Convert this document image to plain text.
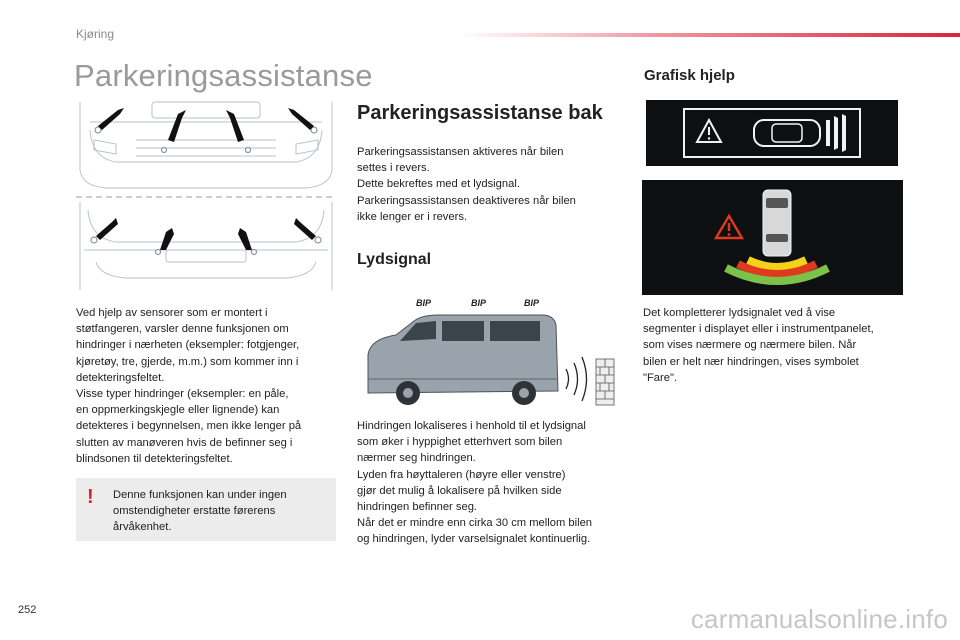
Kjøring
Parkeringsassistanse
Ved hjelp av sensorer som er montert i
støtfangeren, varsler denne funksjonen om
hindringer i nærheten (eksempler: fotgjenger,
kjøretøy, tre, gjerde, m.m.) som kommer inn i
detekteringsfeltet.
Visse typer hindringer (eksempler: en påle,
en oppmerkingskjegle eller lignende) kan
detekteres i begynnelsen, men ikke lenger på
slutten av manøveren hvis de befinner seg i
blindsonen til detekteringsfeltet.
! Denne funksjonen kan under ingen
omstendigheter erstatte førerens
årvåkenhet.
Parkeringsassistanse bak
Parkeringsassistansen aktiveres når bilen
settes i revers.
Dette bekreftes med et lydsignal.
Parkeringsassistansen deaktiveres når bilen
ikke lenger er i revers.
Lydsignal
BIP	BIP	BIP
Hindringen lokaliseres i henhold til et lydsignal
som øker i hyppighet etterhvert som bilen
nærmer seg hindringen.
Lyden fra høyttaleren (høyre eller venstre)
gjør det mulig å lokalisere på hvilken side
hindringen befinner seg.
Når det er mindre enn cirka 30 cm mellom bilen
og hindringen, lyder varselsignalet kontinuerlig.
Grafisk hjelp
Det kompletterer lydsignalet ved å vise
segmenter i displayet eller i instrumentpanelet,
som vises nærmere og nærmere bilen. Når
bilen er helt nær hindringen, vises symbolet
"Fare".
252	carmanualsonline.info
